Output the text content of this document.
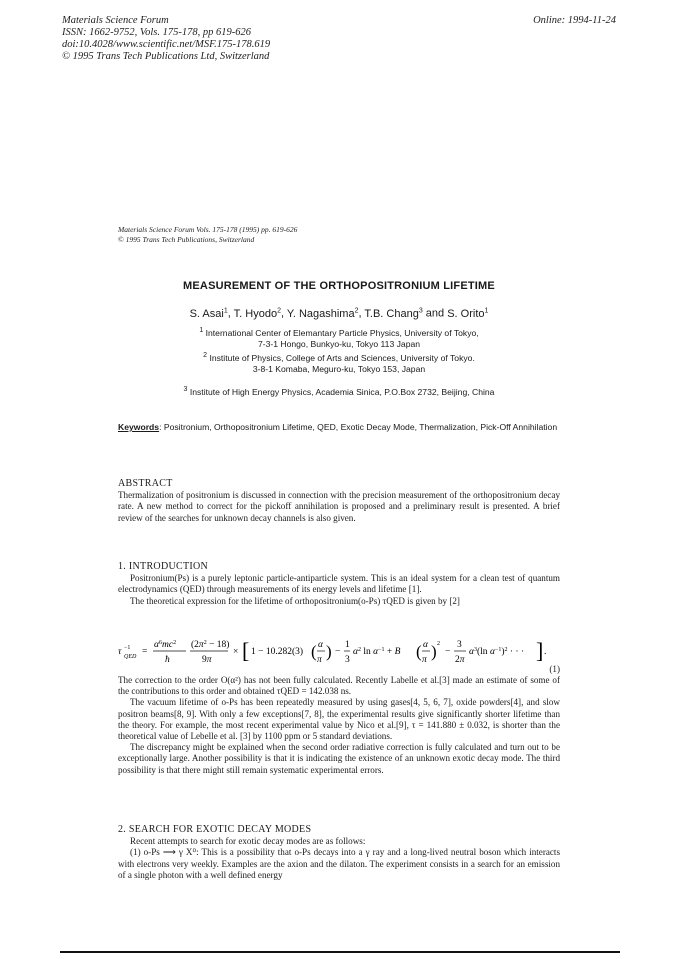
Materials Science Forum
ISSN: 1662-9752, Vols. 175-178, pp 619-626
doi:10.4028/www.scientific.net/MSF.175-178.619
© 1995 Trans Tech Publications Ltd, Switzerland
Online: 1994-11-24
Materials Science Forum Vols. 175-178 (1995) pp. 619-626
© 1995 Trans Tech Publications, Switzerland
MEASUREMENT OF THE ORTHOPOSITRONIUM LIFETIME
S. Asai$^1$, T. Hyodo$^2$, Y. Nagashima$^2$, T.B. Chang$^3$ and S. Orito$^1$
$^1$ International Center of Elemantary Particle Physics, University of Tokyo,
7-3-1 Hongo, Bunkyo-ku, Tokyo 113 Japan
$^2$ Institute of Physics, College of Arts and Sciences, University of Tokyo.
3-8-1 Komaba, Meguro-ku, Tokyo 153, Japan
$^3$ Institute of High Energy Physics, Academia Sinica, P.O.Box 2732, Beijing, China
Keywords: Positronium, Orthopositronium Lifetime, QED, Exotic Decay Mode, Thermalization, Pick-Off Annihilation
ABSTRACT

Thermalization of positronium is discussed in connection with the precision measurement of the orthopositronium decay rate. A new method to correct for the pickoff annihilation is proposed and a preliminary result is presented. A brief review of the searches for unknown decay channels is also given.

1. INTRODUCTION

Positronium(Ps) is a purely leptonic particle-antiparticle system. This is an ideal system for a clean test of quantum electrodynamics (QED) through measurements of its energy levels and lifetime [1].

The theoretical expression for the lifetime of orthopositronium(o-Ps) τQED is given by [2]

τ −1
QED =
$\alpha^6mc^2$
ħ
$(2\pi^2 - 18)$
9π
× [ 1 − 10.282(3) ( α
π ) −
1
3
$\alpha^2$ $\ln \alpha^{-1} + B$ ( α
π ) 2
−
3
2π
$\alpha^3(\ln$ $\alpha^{-1})^2$ · · · ] .
(1)

The correction to the order O(α²) has not been fully calculated. Recently Labelle et al.[3] made an estimate of some of the contributions to this order and obtained τQED = 142.038 ns.

The vacuum lifetime of o-Ps has been repeatedly measured by using gases[4, 5, 6, 7], oxide powders[4], and slow positron beams[8, 9]. With only a few exceptions[7, 8], the experimental results give significantly shorter lifetime than the theory. For example, the most recent experimental value by Nico et al.[9], τ = 141.880 ± 0.032, is shorter than the theoretical value of Lebelle et al. [3] by 1100 ppm or 5 standard deviations.

The discrepancy might be explained when the second order radiative correction is fully calculated and turn out to be exceptionally large. Another possibility is that it is indicating the existence of an unknown exotic decay mode. The third possibility is that there might still remain systematic experimental errors.

2. SEARCH FOR EXOTIC DECAY MODES

Recent attempts to search for exotic decay modes are as follows:

(1) o-Ps ⟶ γ X⁰: This is a possibility that o-Ps decays into a γ ray and a long-lived neutral boson which interacts with electrons very weekly. Examples are the axion and the dilaton. The experiment consists in a search for an emission of a single photon with a well defined energy
